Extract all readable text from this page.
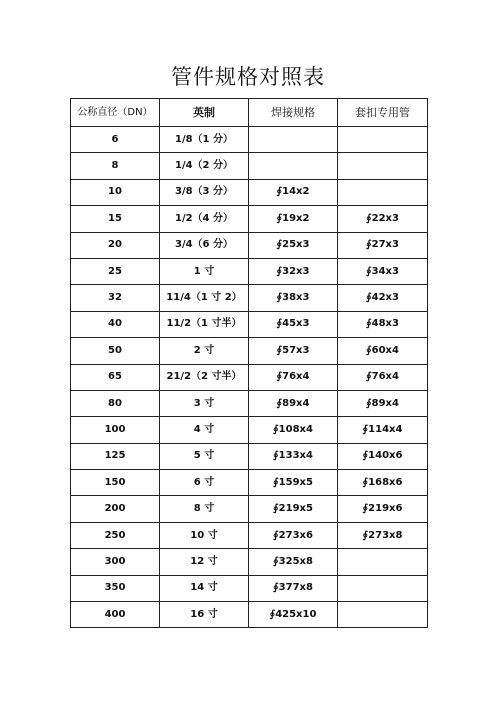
管件规格对照表
公称直径（DN）	英制	焊接规格	套扣专用管
6	1/8（1 分）		
8	1/4（2 分）		
10	3/8（3 分）	∮14x2	
15	1/2（4 分）	∮19x2	∮22x3
20	3/4（6 分）	∮25x3	∮27x3
25	1 寸	∮32x3	∮34x3
32	11/4（1 寸 2）	∮38x3	∮42x3
40	11/2（1 寸半）	∮45x3	∮48x3
50	2 寸	∮57x3	∮60x4
65	21/2（2 寸半）	∮76x4	∮76x4
80	3 寸	∮89x4	∮89x4
100	4 寸	∮108x4	∮114x4
125	5 寸	∮133x4	∮140x6
150	6 寸	∮159x5	∮168x6
200	8 寸	∮219x5	∮219x6
250	10 寸	∮273x6	∮273x8
300	12 寸	∮325x8	
350	14 寸	∮377x8	
400	16 寸	∮425x10	
